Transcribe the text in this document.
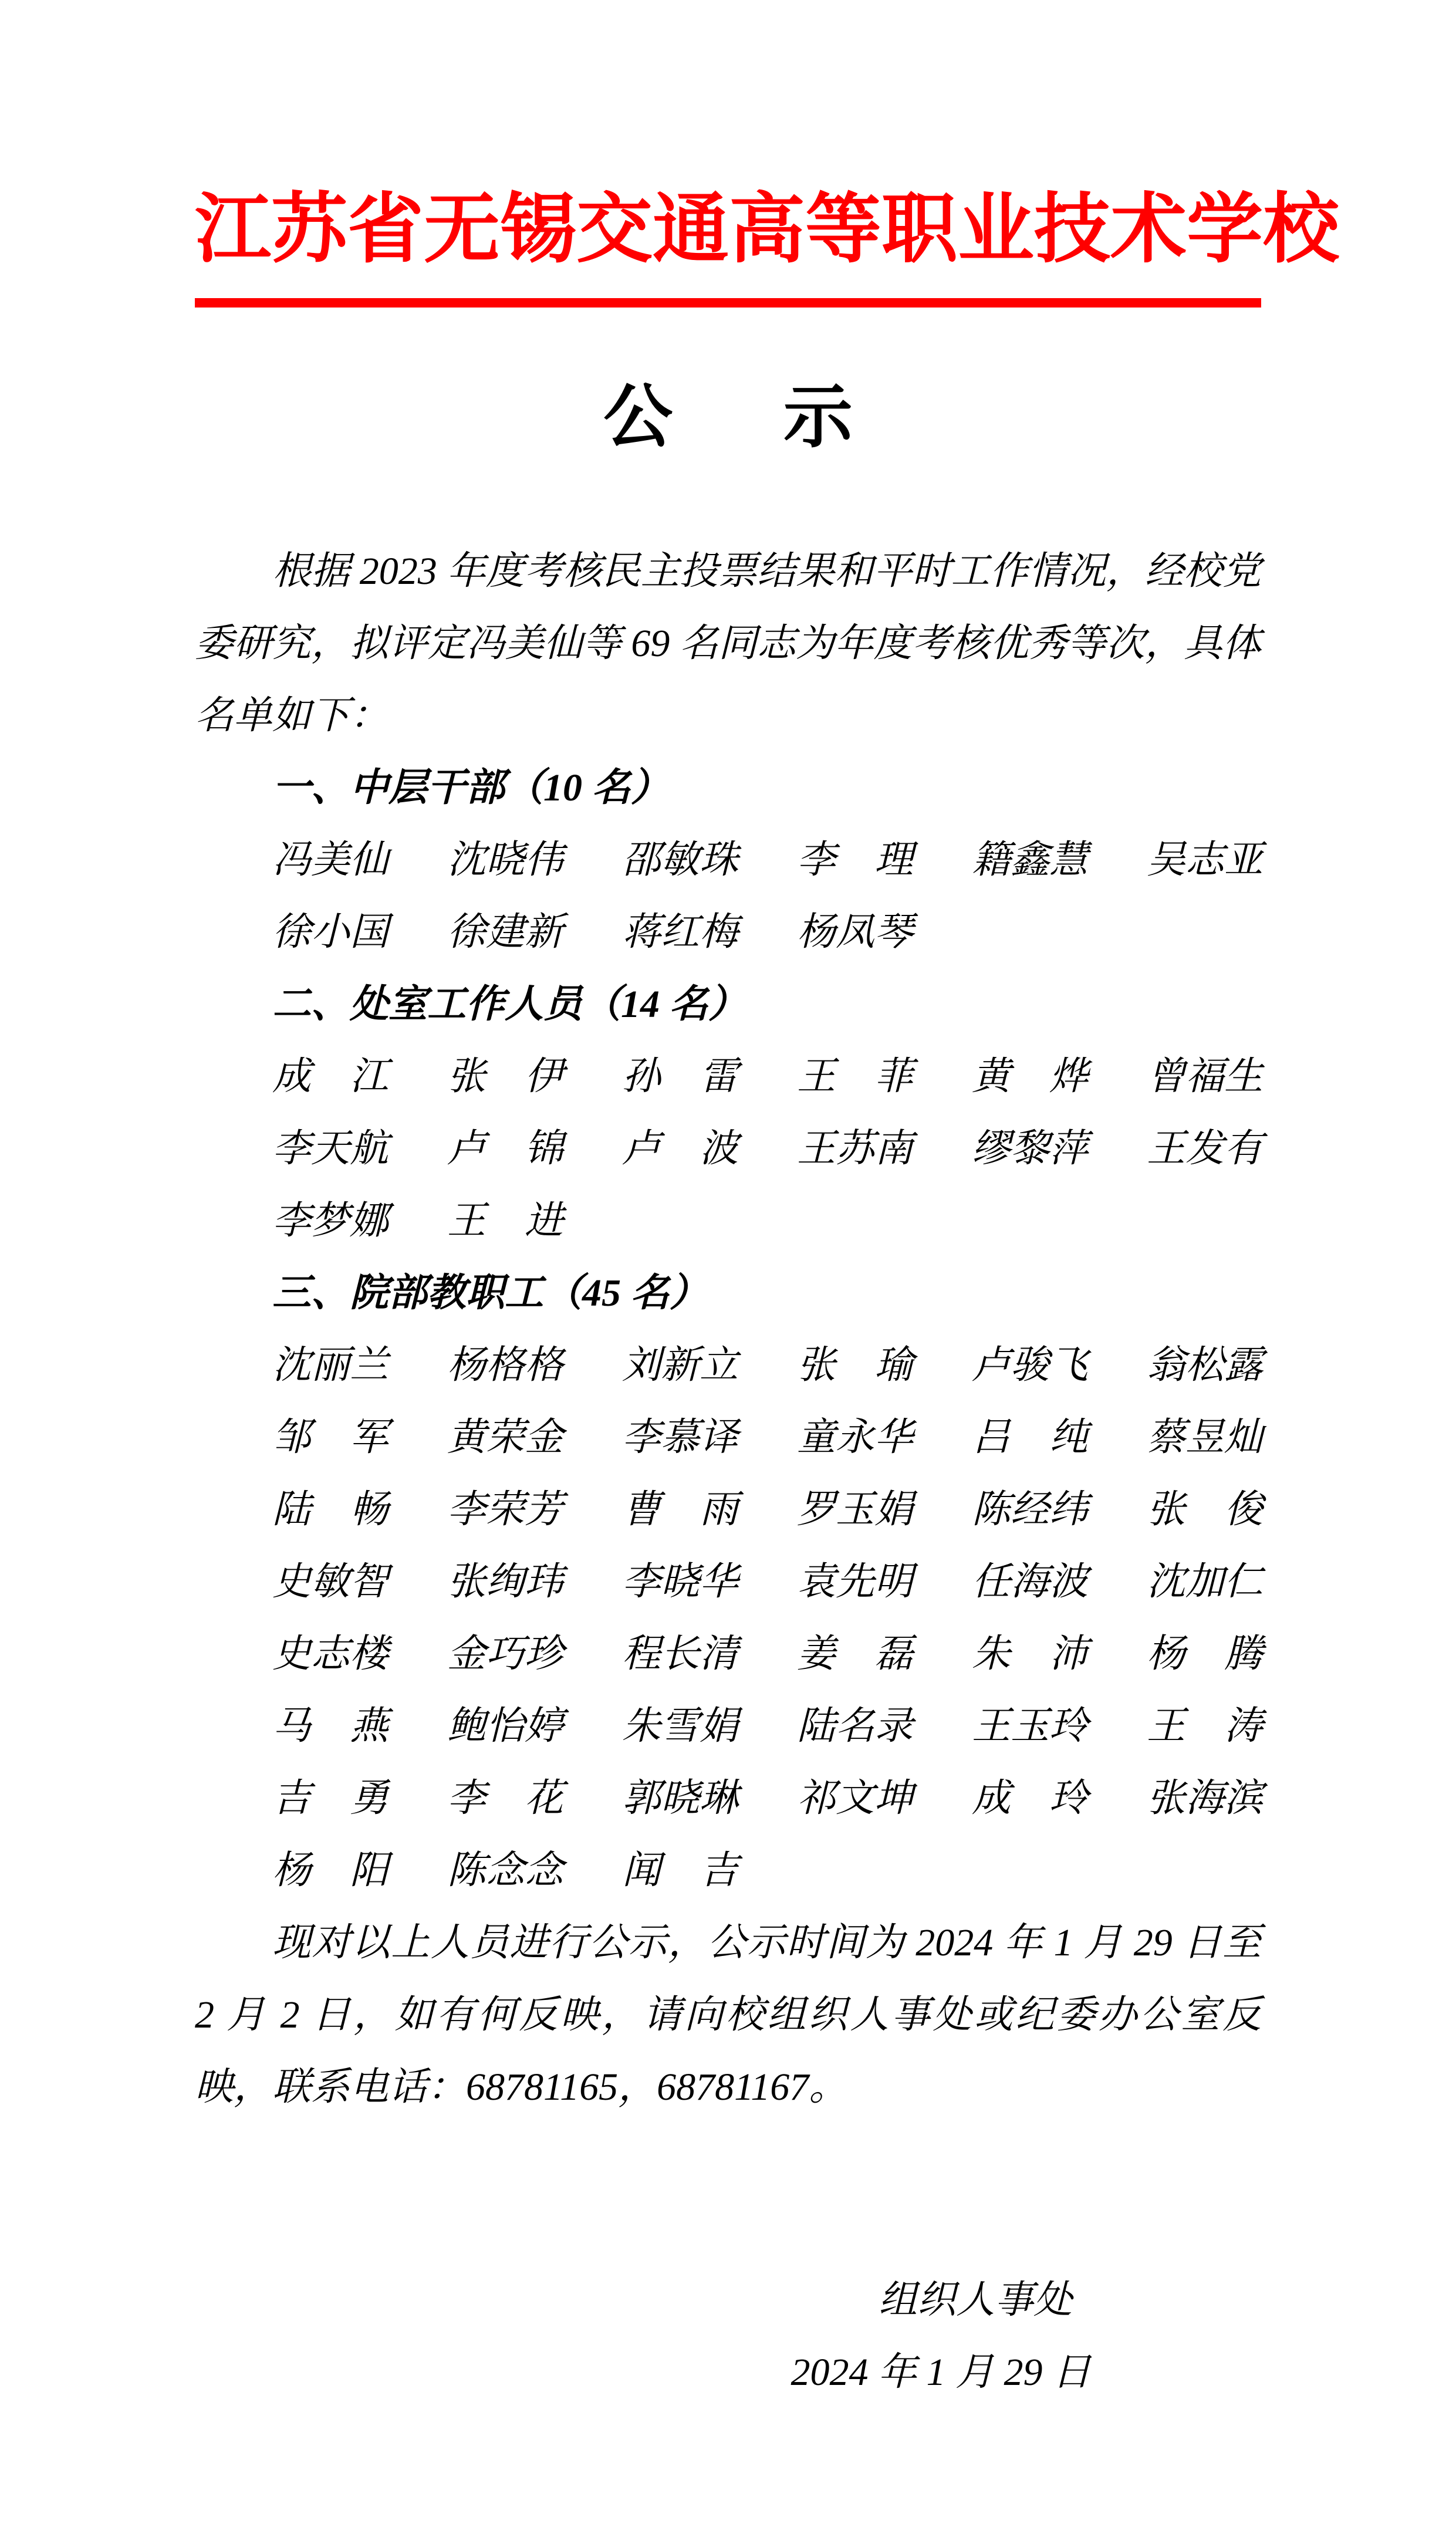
江苏省无锡交通高等职业技术学校
公示

根据 2023 年度考核民主投票结果和平时工作情况，经校党委研究，拟评定冯美仙等 69 名同志为年度考核优秀等次，具体名单如下：

一、中层干部（10 名）
冯美仙 沈晓伟 邵敏珠 李　理 籍鑫慧 吴志亚
徐小国 徐建新 蒋红梅 杨凤琴
二、处室工作人员（14 名）
成　江 张　伊 孙　雷 王　菲 黄　烨 曾福生
李天航 卢　锦 卢　波 王苏南 缪黎萍 王发有
李梦娜 王　进
三、院部教职工（45 名）
沈丽兰 杨格格 刘新立 张　瑜 卢骏飞 翁松露
邹　军 黄荣金 李慕译 童永华 吕　纯 蔡昱灿
陆　畅 李荣芳 曹　雨 罗玉娟 陈经纬 张　俊
史敏智 张绚玮 李晓华 袁先明 任海波 沈加仁
史志楼 金巧珍 程长清 姜　磊 朱　沛 杨　腾
马　燕 鲍怡婷 朱雪娟 陆名录 王玉玲 王　涛
吉　勇 李　花 郭晓琳 祁文坤 成　玲 张海滨
杨　阳 陈念念 闻　吉

现对以上人员进行公示，公示时间为 2024 年 1 月 29 日至 2 月 2 日，如有何反映，请向校组织人事处或纪委办公室反映，联系电话：68781165，68781167。

组织人事处
2024 年 1 月 29 日
